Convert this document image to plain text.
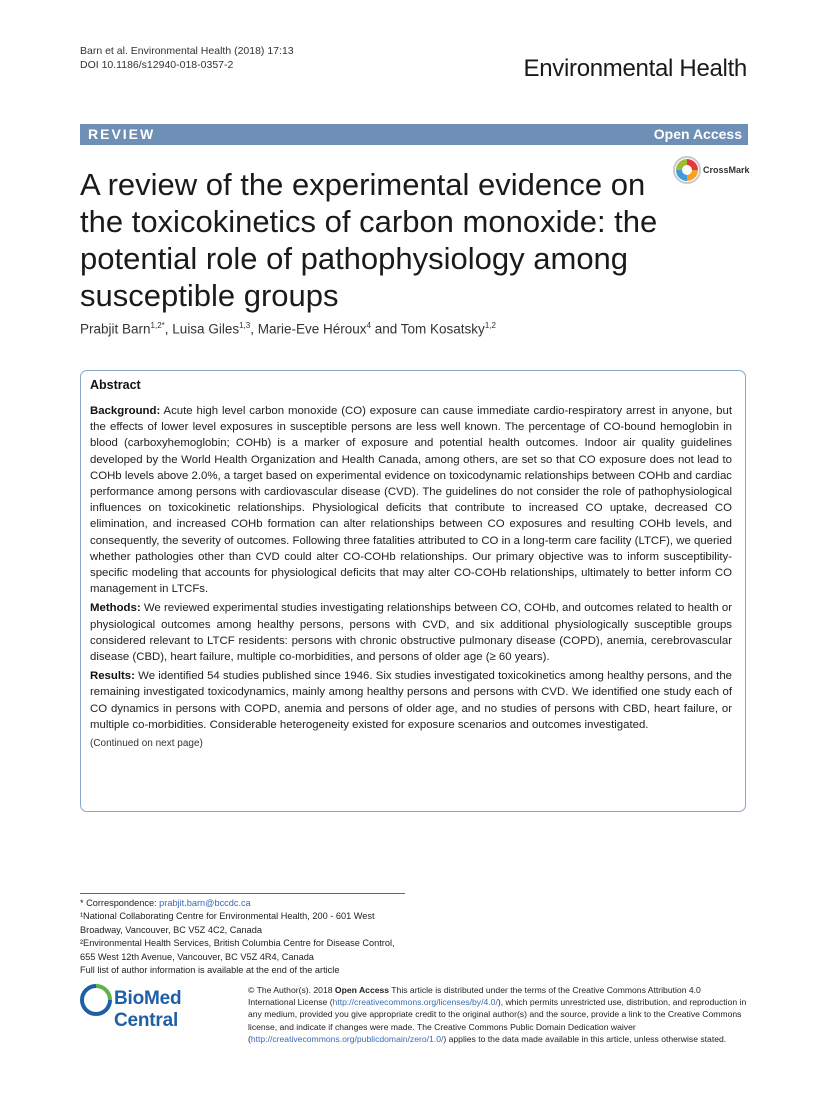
Barn et al. Environmental Health (2018) 17:13
DOI 10.1186/s12940-018-0357-2	Environmental Health
REVIEW	Open Access
CrossMark
A review of the experimental evidence on the toxicokinetics of carbon monoxide: the potential role of pathophysiology among susceptible groups
Prabjit Barn$^{1,2*}$, Luisa Giles$^{1,3}$, Marie-Eve Héroux$^4$ and Tom Kosatsky$^{1,2}$
Abstract

Background: Acute high level carbon monoxide (CO) exposure can cause immediate cardio-respiratory arrest in anyone, but the effects of lower level exposures in susceptible persons are less well known. The percentage of CO-bound hemoglobin in blood (carboxyhemoglobin; COHb) is a marker of exposure and potential health outcomes. Indoor air quality guidelines developed by the World Health Organization and Health Canada, among others, are set so that CO exposure does not lead to COHb levels above 2.0%, a target based on experimental evidence on toxicodynamic relationships between COHb and cardiac performance among persons with cardiovascular disease (CVD). The guidelines do not consider the role of pathophysiological influences on toxicokinetic relationships. Physiological deficits that contribute to increased CO uptake, decreased CO elimination, and increased COHb formation can alter relationships between CO exposures and resulting COHb levels, and consequently, the severity of outcomes. Following three fatalities attributed to CO in a long-term care facility (LTCF), we queried whether pathologies other than CVD could alter CO-COHb relationships. Our primary objective was to inform susceptibility-specific modeling that accounts for physiological deficits that may alter CO-COHb relationships, ultimately to better inform CO management in LTCFs.

Methods: We reviewed experimental studies investigating relationships between CO, COHb, and outcomes related to health or physiological outcomes among healthy persons, persons with CVD, and six additional physiologically susceptible groups considered relevant to LTCF residents: persons with chronic obstructive pulmonary disease (COPD), anemia, cerebrovascular disease (CBD), heart failure, multiple co-morbidities, and persons of older age (≥ 60 years).

Results: We identified 54 studies published since 1946. Six studies investigated toxicokinetics among healthy persons, and the remaining investigated toxicodynamics, mainly among healthy persons and persons with CVD. We identified one study each of CO dynamics in persons with COPD, anemia and persons of older age, and no studies of persons with CBD, heart failure, or multiple co-morbidities. Considerable heterogeneity existed for exposure scenarios and outcomes investigated.

(Continued on next page)
* Correspondence: prabjit.barn@bccdc.ca
¹National Collaborating Centre for Environmental Health, 200 - 601 West Broadway, Vancouver, BC V5Z 4C2, Canada
²Environmental Health Services, British Columbia Centre for Disease Control, 655 West 12th Avenue, Vancouver, BC V5Z 4R4, Canada
Full list of author information is available at the end of the article
BioMed Central
© The Author(s). 2018 Open Access This article is distributed under the terms of the Creative Commons Attribution 4.0 International License (http://creativecommons.org/licenses/by/4.0/), which permits unrestricted use, distribution, and reproduction in any medium, provided you give appropriate credit to the original author(s) and the source, provide a link to the Creative Commons license, and indicate if changes were made. The Creative Commons Public Domain Dedication waiver (http://creativecommons.org/publicdomain/zero/1.0/) applies to the data made available in this article, unless otherwise stated.
